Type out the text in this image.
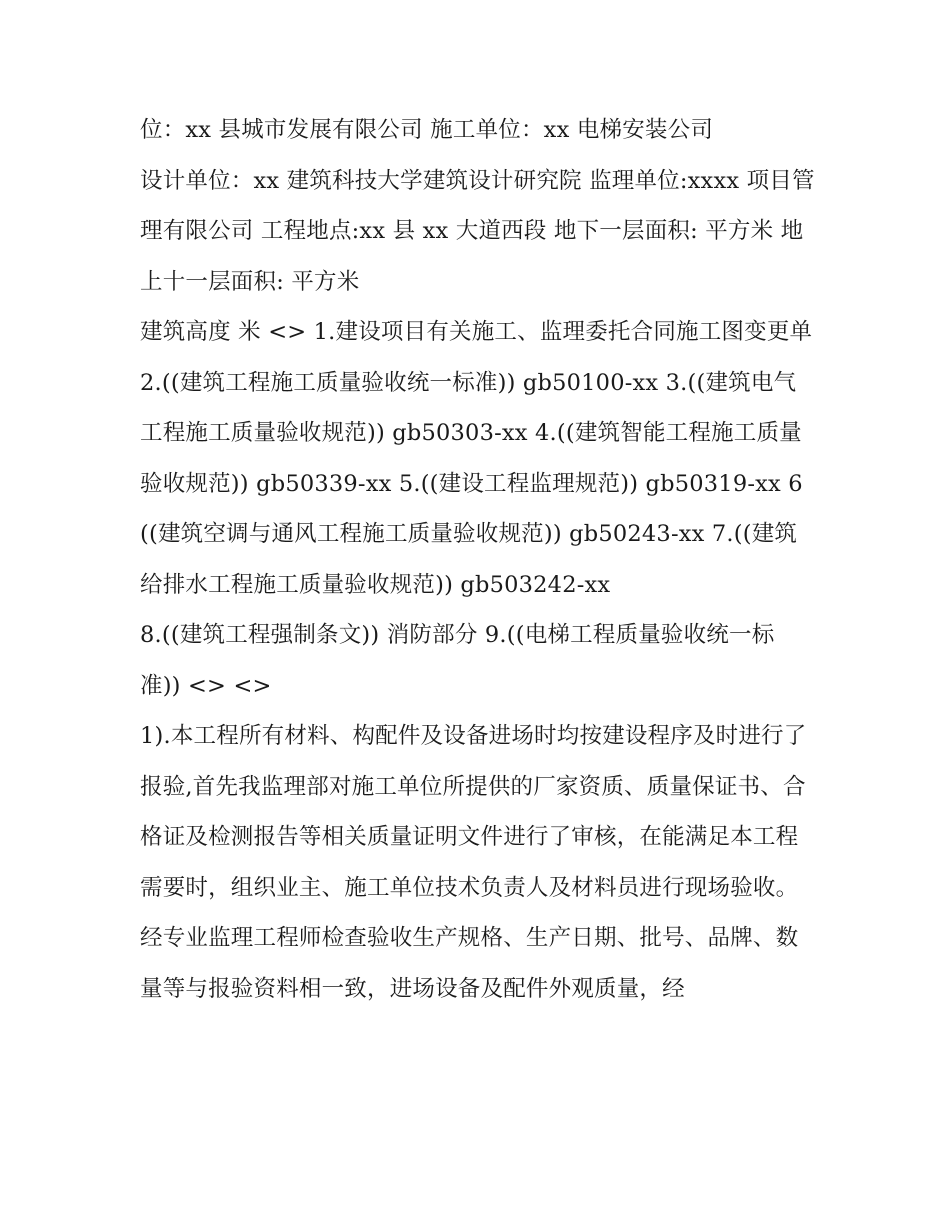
位：xx 县城市发展有限公司 施工单位：xx 电梯安装公司

设计单位：xx 建筑科技大学建筑设计研究院 监理单位:xxxx 项目管理有限公司 工程地点:xx 县 xx 大道西段 地下一层面积: 平方米 地上十一层面积: 平方米

建筑高度 米 <> 1.建设项目有关施工、监理委托合同施工图变更单 2.((建筑工程施工质量验收统一标准)) gb50100-xx 3.((建筑电气工程施工质量验收规范)) gb50303-xx 4.((建筑智能工程施工质量验收规范)) gb50339-xx 5.((建设工程监理规范)) gb50319-xx 6((建筑空调与通风工程施工质量验收规范)) gb50243-xx 7.((建筑给排水工程施工质量验收规范)) gb503242-xx

8.((建筑工程强制条文)) 消防部分 9.((电梯工程质量验收统一标准)) <> <>

1).本工程所有材料、构配件及设备进场时均按建设程序及时进行了报验,首先我监理部对施工单位所提供的厂家资质、质量保证书、合格证及检测报告等相关质量证明文件进行了审核，在能满足本工程需要时，组织业主、施工单位技术负责人及材料员进行现场验收。

经专业监理工程师检查验收生产规格、生产日期、批号、品牌、数量等与报验资料相一致，进场设备及配件外观质量，经
